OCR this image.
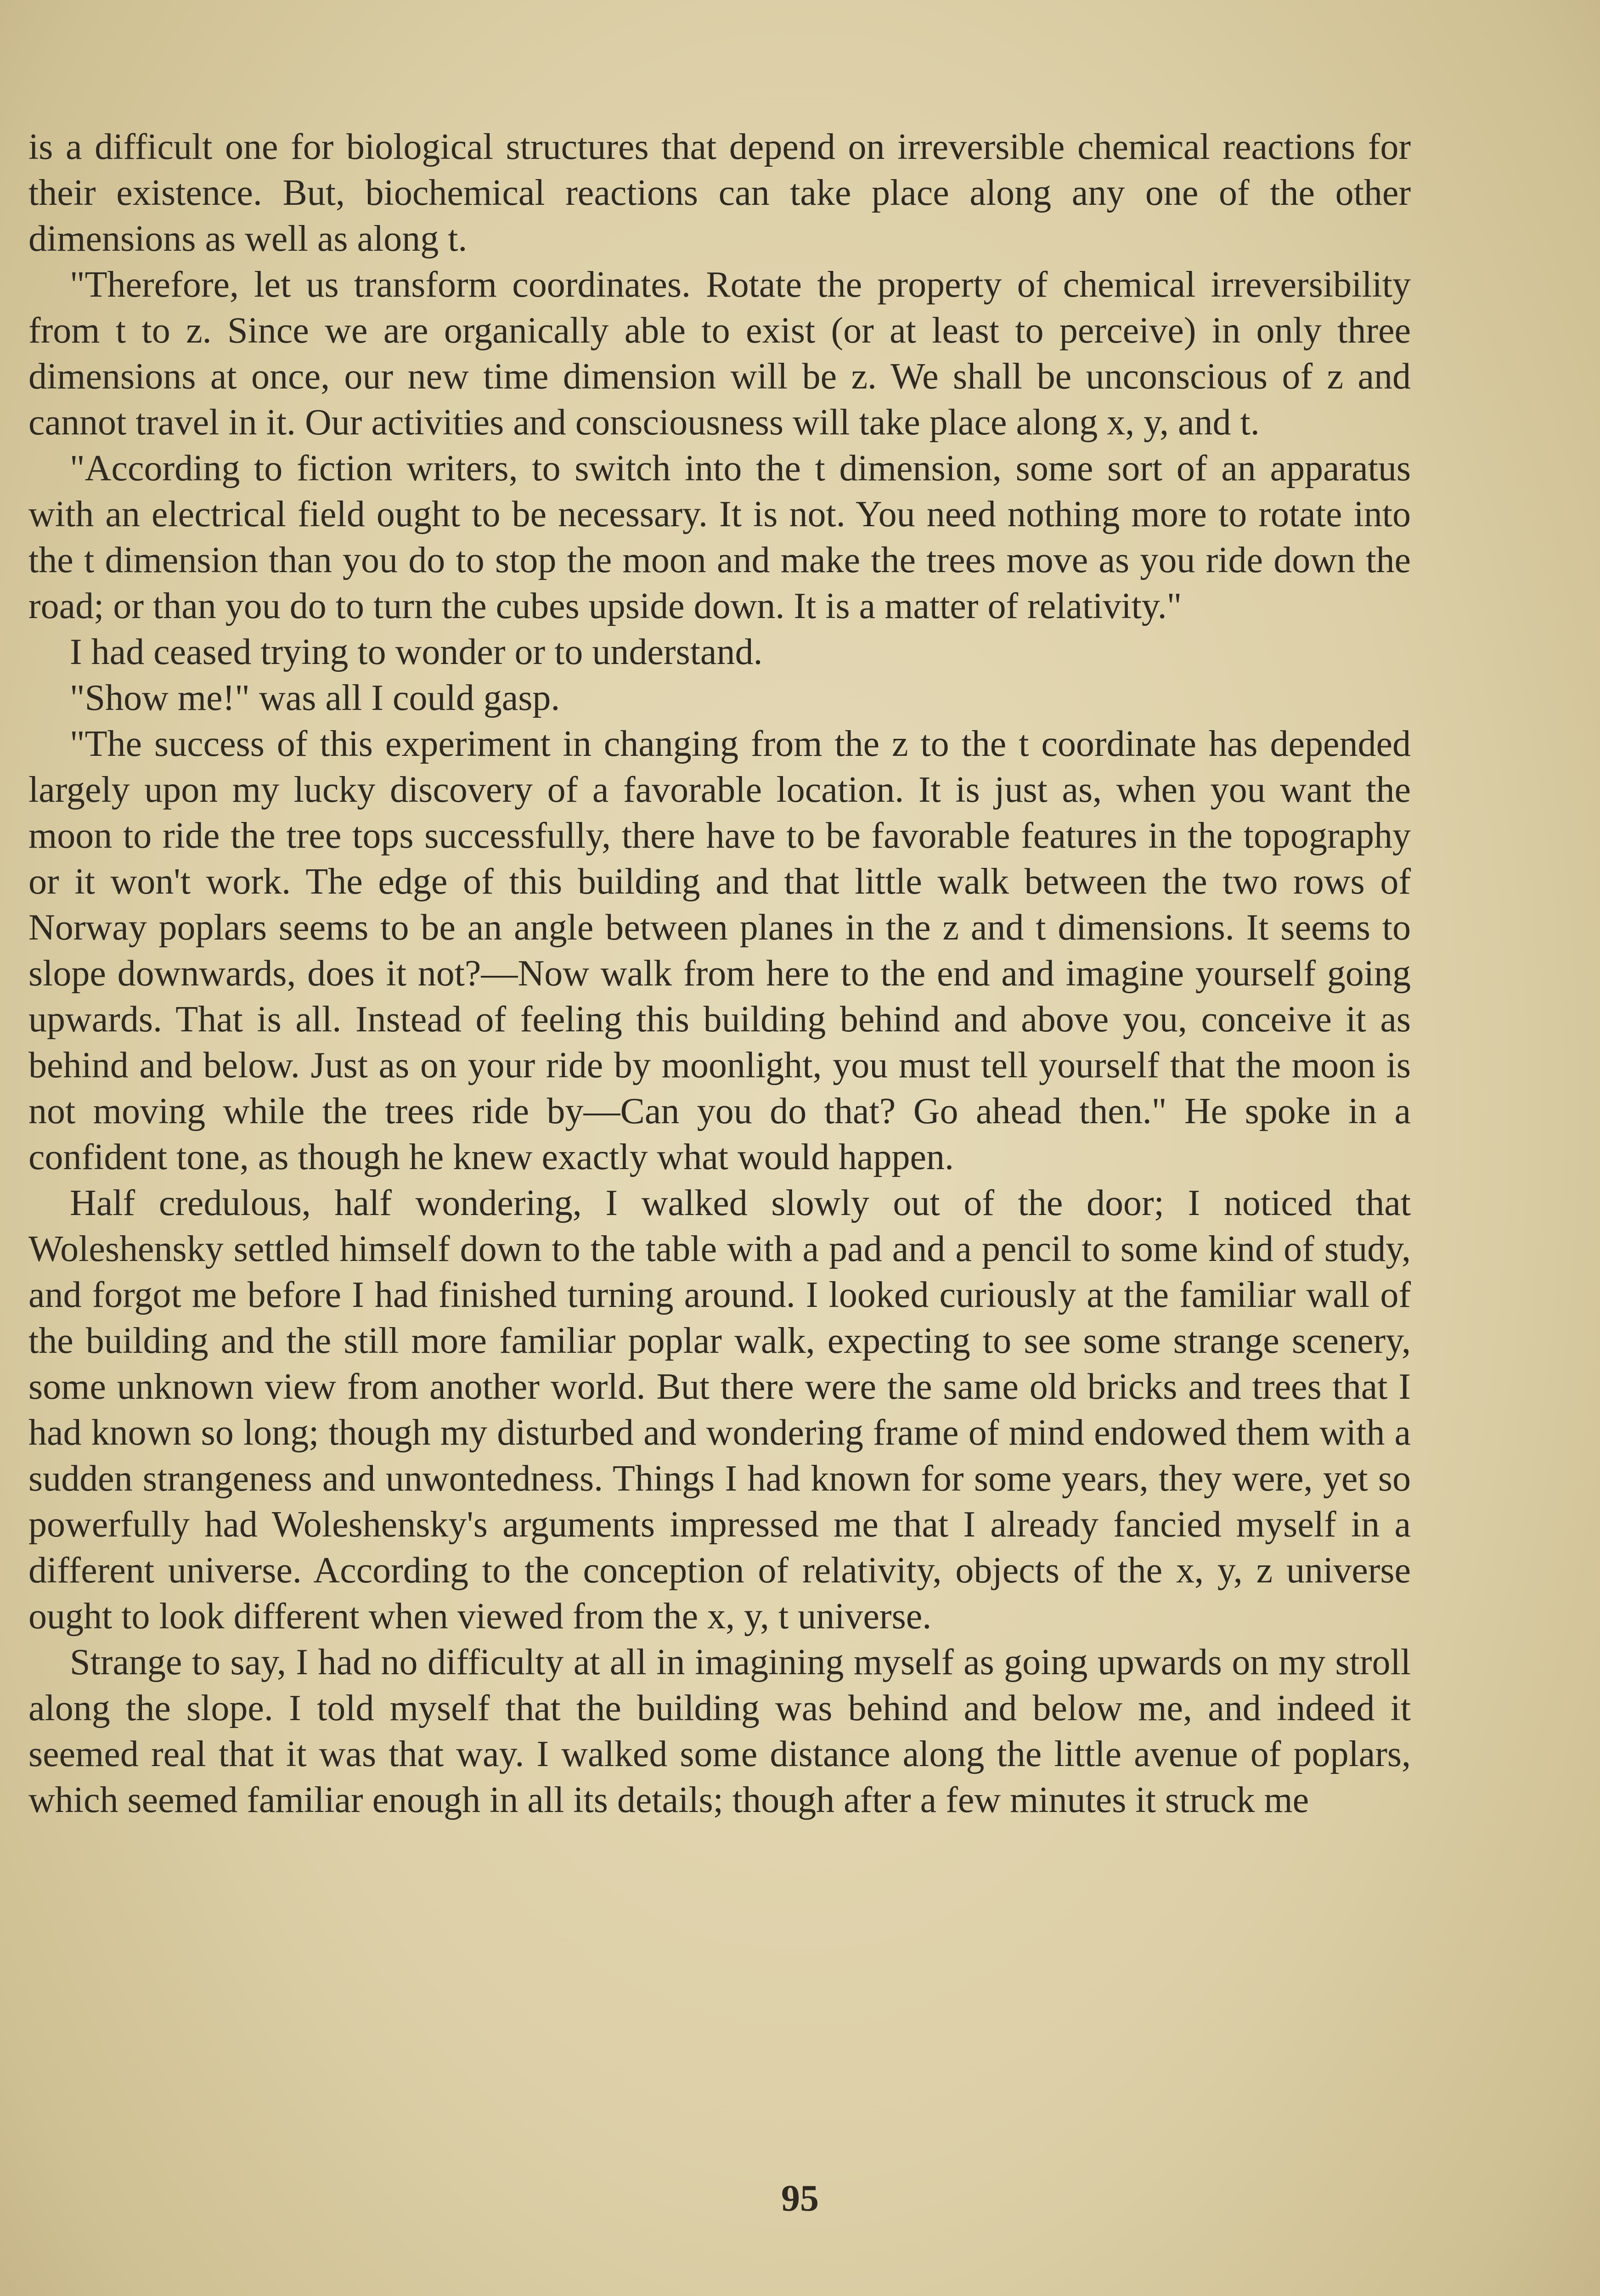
is a difficult one for biological structures that depend on irreversible chemical reactions for their existence. But, biochemical reactions can take place along any one of the other dimensions as well as along t.

"Therefore, let us transform coordinates. Rotate the property of chemical irreversibility from t to z. Since we are organically able to exist (or at least to perceive) in only three dimensions at once, our new time dimension will be z. We shall be unconscious of z and cannot travel in it. Our activities and consciousness will take place along x, y, and t.

"According to fiction writers, to switch into the t dimension, some sort of an apparatus with an electrical field ought to be necessary. It is not. You need nothing more to rotate into the t dimension than you do to stop the moon and make the trees move as you ride down the road; or than you do to turn the cubes upside down. It is a matter of relativity."

I had ceased trying to wonder or to understand.

"Show me!" was all I could gasp.

"The success of this experiment in changing from the z to the t coordinate has depended largely upon my lucky discovery of a favorable location. It is just as, when you want the moon to ride the tree tops successfully, there have to be favorable features in the topography or it won't work. The edge of this building and that little walk between the two rows of Norway poplars seems to be an angle between planes in the z and t dimensions. It seems to slope downwards, does it not?—Now walk from here to the end and imagine yourself going upwards. That is all. Instead of feeling this building behind and above you, conceive it as behind and below. Just as on your ride by moonlight, you must tell yourself that the moon is not moving while the trees ride by—Can you do that? Go ahead then." He spoke in a confident tone, as though he knew exactly what would happen.

Half credulous, half wondering, I walked slowly out of the door; I noticed that Woleshensky settled himself down to the table with a pad and a pencil to some kind of study, and forgot me before I had finished turning around. I looked curiously at the familiar wall of the building and the still more familiar poplar walk, expecting to see some strange scenery, some unknown view from another world. But there were the same old bricks and trees that I had known so long; though my disturbed and wondering frame of mind endowed them with a sudden strangeness and unwontedness. Things I had known for some years, they were, yet so powerfully had Woleshensky's arguments impressed me that I already fancied myself in a different universe. According to the conception of relativity, objects of the x, y, z universe ought to look different when viewed from the x, y, t universe.

Strange to say, I had no difficulty at all in imagining myself as going upwards on my stroll along the slope. I told myself that the building was behind and below me, and indeed it seemed real that it was that way. I walked some distance along the little avenue of poplars, which seemed familiar enough in all its details; though after a few minutes it struck me

95
